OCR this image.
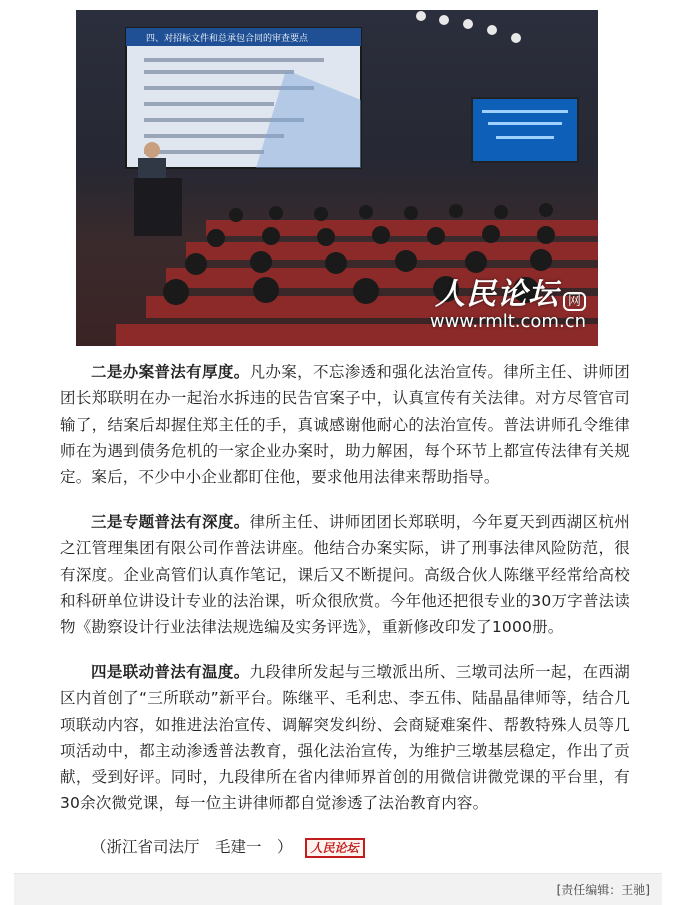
四、对招标文件和总承包合同的审查要点
人民论坛 网
www.rmlt.com.cn

二是办案普法有厚度。凡办案，不忘渗透和强化法治宣传。律所主任、讲师团团长郑联明在办一起治水拆违的民告官案子中，认真宣传有关法律。对方尽管官司输了，结案后却握住郑主任的手，真诚感谢他耐心的法治宣传。普法讲师孔令维律师在为遇到债务危机的一家企业办案时，助力解困，每个环节上都宣传法律有关规定。案后，不少中小企业都盯住他，要求他用法律来帮助指导。

三是专题普法有深度。律所主任、讲师团团长郑联明，今年夏天到西湖区杭州之江管理集团有限公司作普法讲座。他结合办案实际，讲了刑事法律风险防范，很有深度。企业高管们认真作笔记，课后又不断提问。高级合伙人陈继平经常给高校和科研单位讲设计专业的法治课，听众很欣赏。今年他还把很专业的30万字普法读物《勘察设计行业法律法规选编及实务评选》，重新修改印发了1000册。

四是联动普法有温度。九段律所发起与三墩派出所、三墩司法所一起，在西湖区内首创了“三所联动”新平台。陈继平、毛利忠、李五伟、陆晶晶律师等，结合几项联动内容，如推进法治宣传、调解突发纠纷、会商疑难案件、帮教特殊人员等几项活动中，都主动渗透普法教育，强化法治宣传，为维护三墩基层稳定，作出了贡献，受到好评。同时，九段律所在省内律师界首创的用微信讲微党课的平台里，有30余次微党课，每一位主讲律师都自觉渗透了法治教育内容。

（浙江省司法厅　毛建一　） 人民论坛
[责任编辑：王驰]
